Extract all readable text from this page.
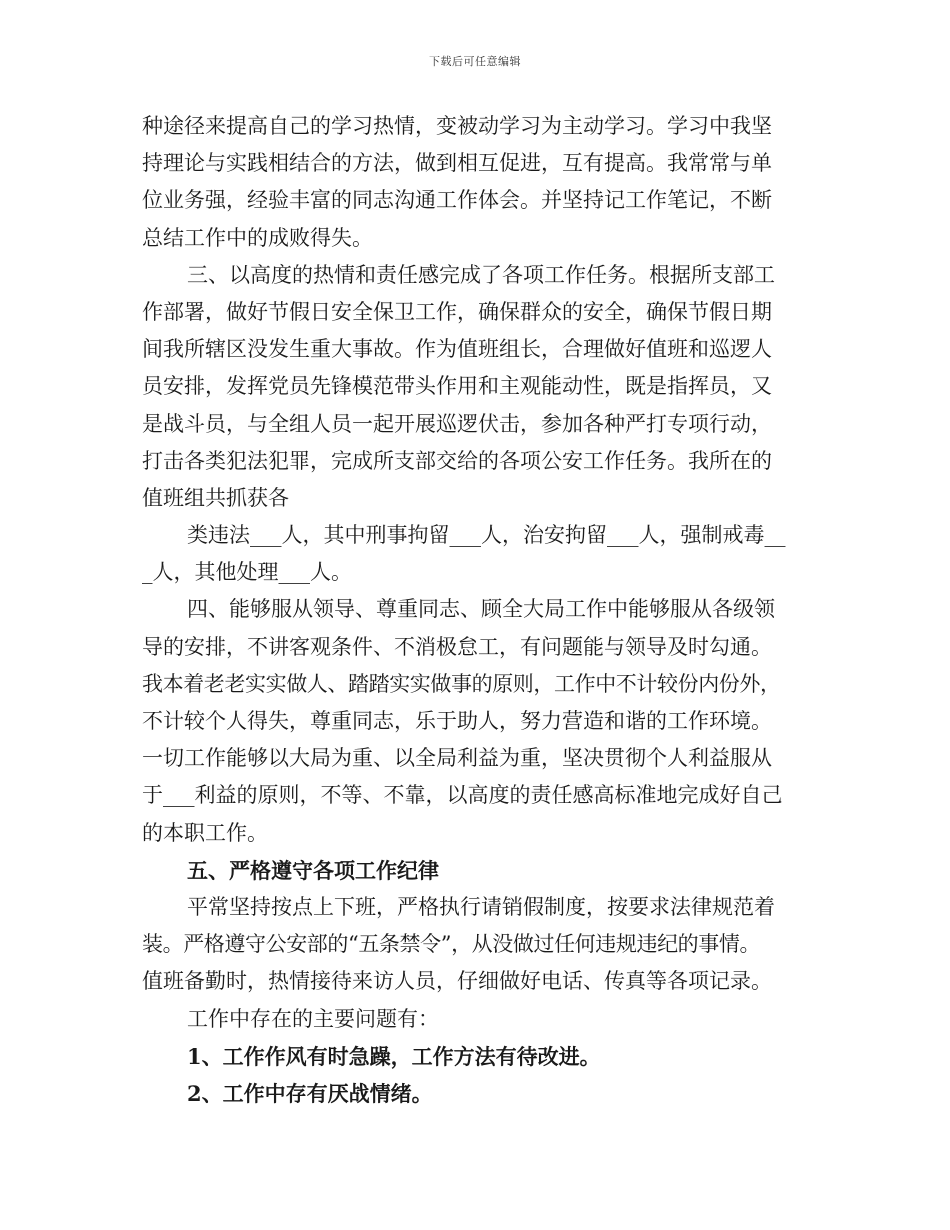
下载后可任意编辑
种途径来提高自己的学习热情，变被动学习为主动学习。学习中我坚
持理论与实践相结合的方法，做到相互促进，互有提高。我常常与单
位业务强，经验丰富的同志沟通工作体会。并坚持记工作笔记，不断
总结工作中的成败得失。
三、以高度的热情和责任感完成了各项工作任务。根据所支部工
作部署，做好节假日安全保卫工作，确保群众的安全，确保节假日期
间我所辖区没发生重大事故。作为值班组长，合理做好值班和巡逻人
员安排，发挥党员先锋模范带头作用和主观能动性，既是指挥员，又
是战斗员，与全组人员一起开展巡逻伏击，参加各种严打专项行动，
打击各类犯法犯罪，完成所支部交给的各项公安工作任务。我所在的
值班组共抓获各
类违法___人，其中刑事拘留___人，治安拘留___人，强制戒毒__
_人，其他处理___人。
四、能够服从领导、尊重同志、顾全大局工作中能够服从各级领
导的安排，不讲客观条件、不消极怠工，有问题能与领导及时勾通。
我本着老老实实做人、踏踏实实做事的原则，工作中不计较份内份外，
不计较个人得失，尊重同志，乐于助人，努力营造和谐的工作环境。
一切工作能够以大局为重、以全局利益为重，坚决贯彻个人利益服从
于___利益的原则，不等、不靠，以高度的责任感高标准地完成好自己
的本职工作。
五、严格遵守各项工作纪律
平常坚持按点上下班，严格执行请销假制度，按要求法律规范着
装。严格遵守公安部的“五条禁令”，从没做过任何违规违纪的事情。
值班备勤时，热情接待来访人员，仔细做好电话、传真等各项记录。
工作中存在的主要问题有：
1、工作作风有时急躁，工作方法有待改进。
2、工作中存有厌战情绪。
